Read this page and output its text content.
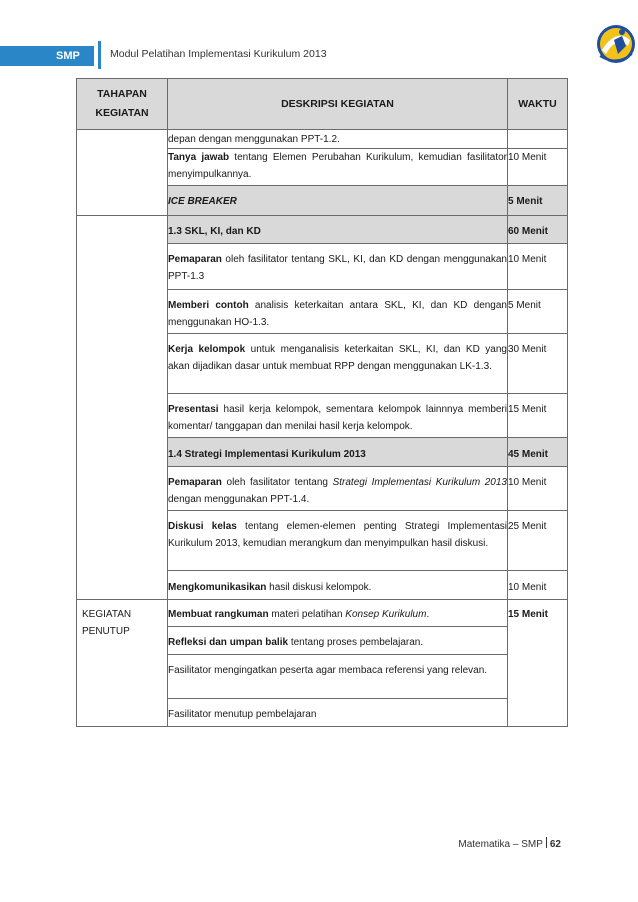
SMP	Modul Pelatihan Implementasi Kurikulum 2013
TAHAPAN KEGIATAN	DESKRIPSI KEGIATAN	WAKTU
	depan dengan menggunakan PPT-1.2.	
	Tanya jawab tentang Elemen Perubahan Kurikulum, kemudian fasilitator menyimpulkannya.	10 Menit
	ICE BREAKER	5 Menit
	1.3 SKL, KI, dan KD	60 Menit
	Pemaparan oleh fasilitator tentang SKL, KI, dan KD dengan menggunakan PPT-1.3	10 Menit
	Memberi contoh analisis keterkaitan antara SKL, KI, dan KD dengan menggunakan HO-1.3.	5 Menit
	Kerja kelompok untuk menganalisis keterkaitan SKL, KI, dan KD yang akan dijadikan dasar untuk membuat RPP dengan menggunakan LK-1.3.	30 Menit
	Presentasi hasil kerja kelompok, sementara kelompok lainnnya memberi komentar/ tanggapan dan menilai hasil kerja kelompok.	15 Menit
	1.4 Strategi Implementasi Kurikulum 2013	45 Menit
	Pemaparan oleh fasilitator tentang Strategi Implementasi Kurikulum 2013 dengan menggunakan PPT-1.4.	10 Menit
	Diskusi kelas tentang elemen-elemen penting Strategi Implementasi Kurikulum 2013, kemudian merangkum dan menyimpulkan hasil diskusi.	25 Menit
	Mengkomunikasikan hasil diskusi kelompok.	10 Menit

KEGIATAN PENUTUP	Membuat rangkuman materi pelatihan Konsep Kurikulum.	15 Menit
	Refleksi dan umpan balik tentang proses pembelajaran.	
	Fasilitator mengingatkan peserta agar membaca referensi yang relevan.	
	Fasilitator menutup pembelajaran	
Matematika – SMP 62
